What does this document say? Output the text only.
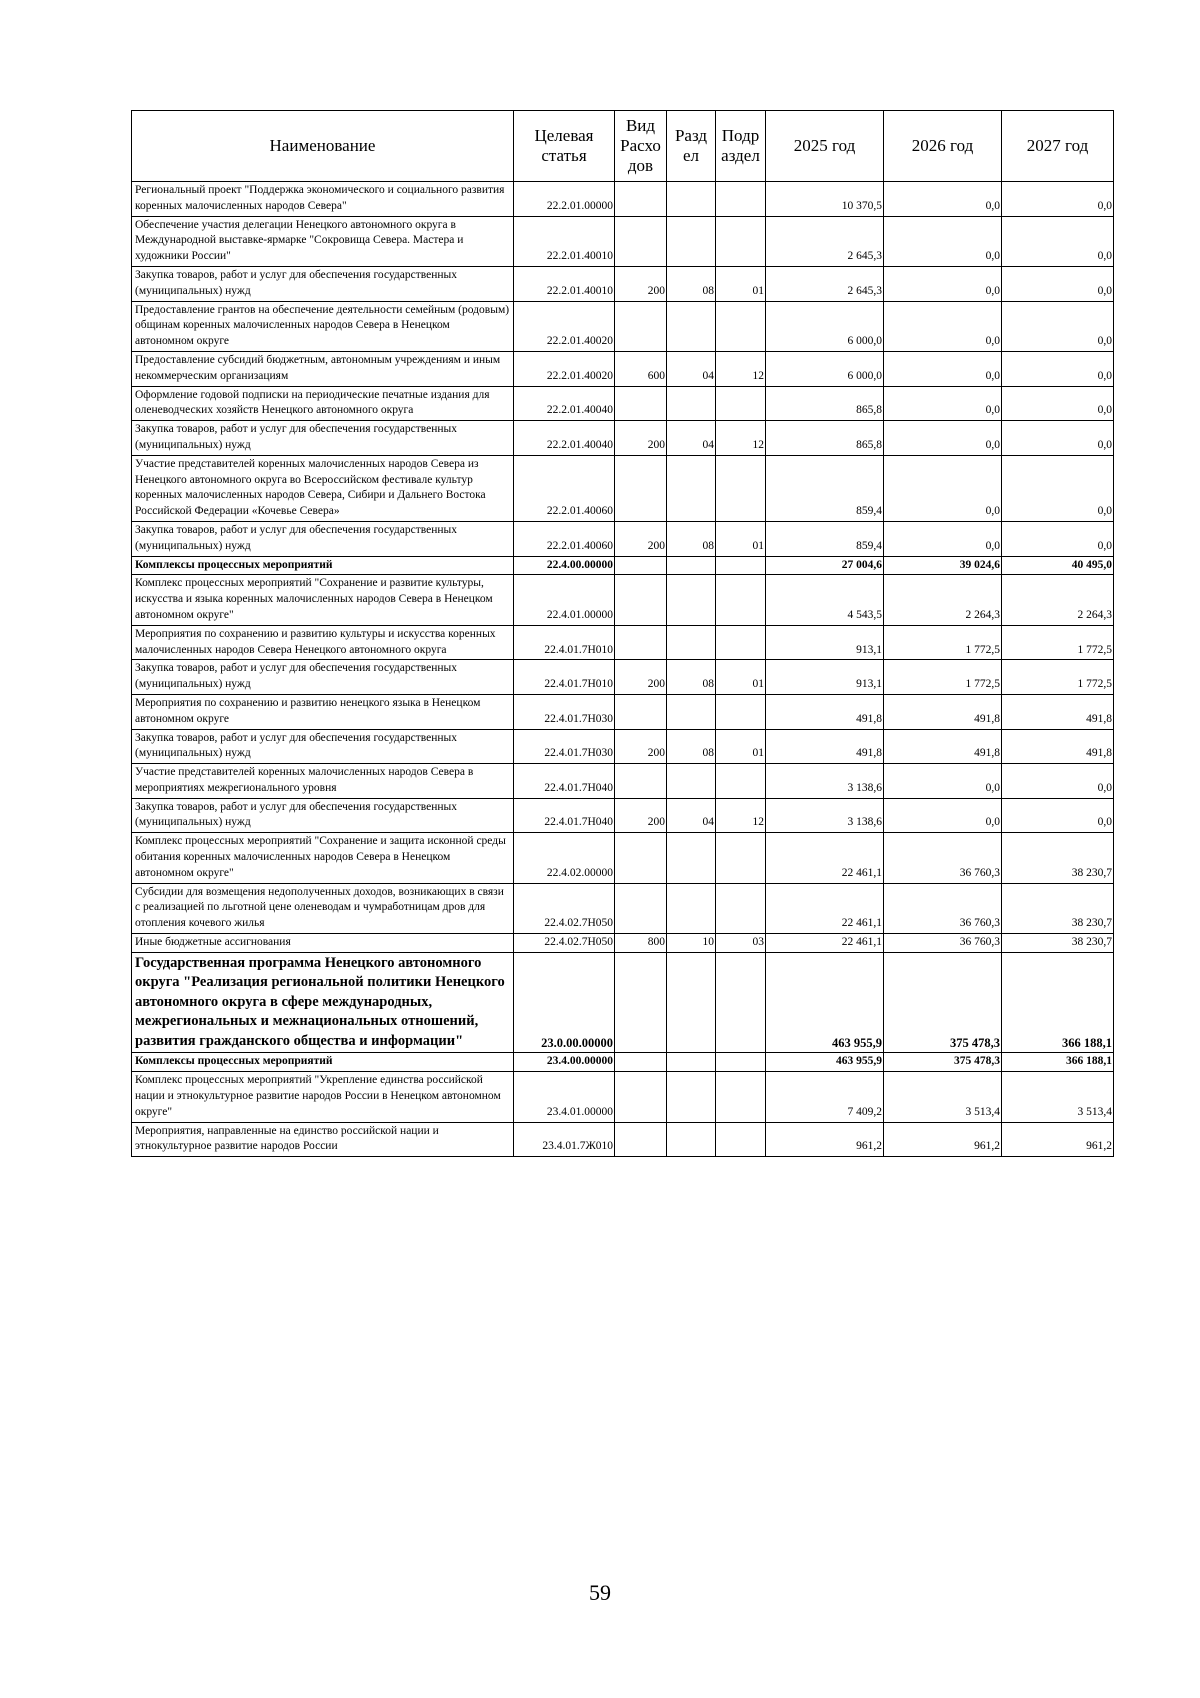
Наименование	Целевая статья	Вид Расхо дов	Разд ел	Подр аздел	2025 год	2026 год	2027 год
Региональный проект "Поддержка экономического и социального развития коренных малочисленных народов Севера"	22.2.01.00000				10 370,5	0,0	0,0
Обеспечение участия делегации Ненецкого автономного округа в Международной выставке-ярмарке "Сокровища Севера. Мастера и художники России"	22.2.01.40010				2 645,3	0,0	0,0
Закупка товаров, работ и услуг для обеспечения государственных (муниципальных) нужд	22.2.01.40010	200	08	01	2 645,3	0,0	0,0
Предоставление грантов на обеспечение деятельности семейным (родовым) общинам коренных малочисленных народов Севера в Ненецком автономном округе	22.2.01.40020				6 000,0	0,0	0,0
Предоставление субсидий бюджетным, автономным учреждениям и иным некоммерческим организациям	22.2.01.40020	600	04	12	6 000,0	0,0	0,0
Оформление годовой подписки на периодические печатные издания для оленеводческих хозяйств Ненецкого автономного округа	22.2.01.40040				865,8	0,0	0,0
Закупка товаров, работ и услуг для обеспечения государственных (муниципальных) нужд	22.2.01.40040	200	04	12	865,8	0,0	0,0
Участие представителей коренных малочисленных народов Севера из Ненецкого автономного округа во Всероссийском фестивале культур коренных малочисленных народов Севера, Сибири и Дальнего Востока Российской Федерации «Кочевье Севера»	22.2.01.40060				859,4	0,0	0,0
Закупка товаров, работ и услуг для обеспечения государственных (муниципальных) нужд	22.2.01.40060	200	08	01	859,4	0,0	0,0
Комплексы процессных мероприятий	22.4.00.00000				27 004,6	39 024,6	40 495,0
Комплекс процессных мероприятий "Сохранение и развитие культуры, искусства и языка коренных малочисленных народов Севера в Ненецком автономном округе"	22.4.01.00000				4 543,5	2 264,3	2 264,3
Мероприятия по сохранению и развитию культуры и искусства коренных малочисленных народов Севера Ненецкого автономного округа	22.4.01.7Н010				913,1	1 772,5	1 772,5
Закупка товаров, работ и услуг для обеспечения государственных (муниципальных) нужд	22.4.01.7Н010	200	08	01	913,1	1 772,5	1 772,5
Мероприятия по сохранению и развитию ненецкого языка в Ненецком автономном округе	22.4.01.7Н030				491,8	491,8	491,8
Закупка товаров, работ и услуг для обеспечения государственных (муниципальных) нужд	22.4.01.7Н030	200	08	01	491,8	491,8	491,8
Участие представителей коренных малочисленных народов Севера в мероприятиях межрегионального уровня	22.4.01.7Н040				3 138,6	0,0	0,0
Закупка товаров, работ и услуг для обеспечения государственных (муниципальных) нужд	22.4.01.7Н040	200	04	12	3 138,6	0,0	0,0
Комплекс процессных мероприятий "Сохранение и защита исконной среды обитания коренных малочисленных народов Севера в Ненецком автономном округе"	22.4.02.00000				22 461,1	36 760,3	38 230,7
Субсидии для возмещения недополученных доходов, возникающих в связи с реализацией по льготной цене оленеводам и чумработницам дров для отопления кочевого жилья	22.4.02.7Н050				22 461,1	36 760,3	38 230,7
Иные бюджетные ассигнования	22.4.02.7Н050	800	10	03	22 461,1	36 760,3	38 230,7
Государственная программа Ненецкого автономного округа "Реализация региональной политики Ненецкого автономного округа в сфере международных, межрегиональных и межнациональных отношений, развития гражданского общества и информации"	23.0.00.00000				463 955,9	375 478,3	366 188,1
Комплексы процессных мероприятий	23.4.00.00000				463 955,9	375 478,3	366 188,1
Комплекс процессных мероприятий "Укрепление единства российской нации и этнокультурное развитие народов России в Ненецком автономном округе"	23.4.01.00000				7 409,2	3 513,4	3 513,4
Мероприятия, направленные на единство российской нации и этнокультурное развитие народов России	23.4.01.7Ж010				961,2	961,2	961,2
59
